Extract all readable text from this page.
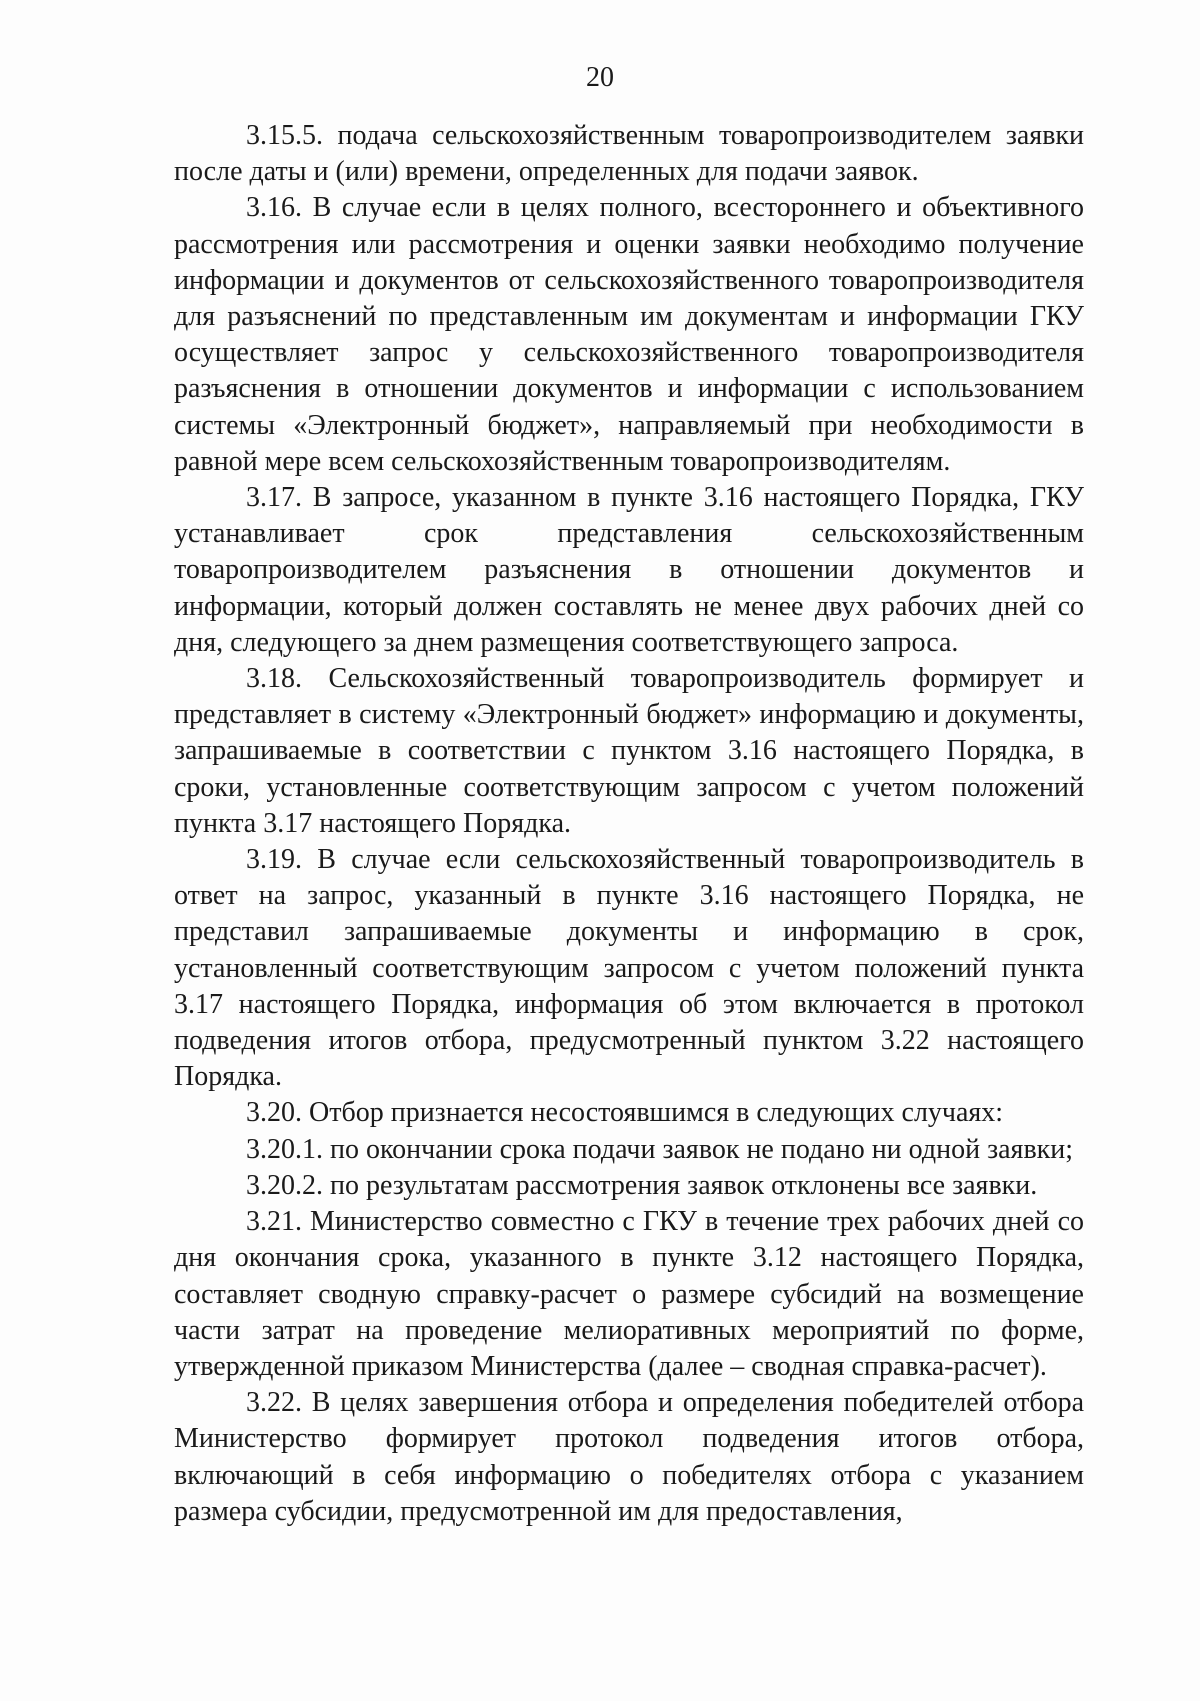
20

3.15.5. подача сельскохозяйственным товаропроизводителем заявки после даты и (или) времени, определенных для подачи заявок.

3.16. В случае если в целях полного, всестороннего и объективного рассмотрения или рассмотрения и оценки заявки необходимо получение информации и документов от сельскохозяйственного товаропроизводителя для разъяснений по представленным им документам и информации ГКУ осуществляет запрос у сельскохозяйственного товаропроизводителя разъяснения в отношении документов и информации с использованием системы «Электронный бюджет», направляемый при необходимости в равной мере всем сельскохозяйственным товаропроизводителям.

3.17. В запросе, указанном в пункте 3.16 настоящего Порядка, ГКУ устанавливает срок представления сельскохозяйственным товаропроизводителем разъяснения в отношении документов и информации, который должен составлять не менее двух рабочих дней со дня, следующего за днем размещения соответствующего запроса.

3.18. Сельскохозяйственный товаропроизводитель формирует и представляет в систему «Электронный бюджет» информацию и документы, запрашиваемые в соответствии с пунктом 3.16 настоящего Порядка, в сроки, установленные соответствующим запросом с учетом положений пункта 3.17 настоящего Порядка.

3.19. В случае если сельскохозяйственный товаропроизводитель в ответ на запрос, указанный в пункте 3.16 настоящего Порядка, не представил запрашиваемые документы и информацию в срок, установленный соответствующим запросом с учетом положений пункта 3.17 настоящего Порядка, информация об этом включается в протокол подведения итогов отбора, предусмотренный пунктом 3.22 настоящего Порядка.

3.20. Отбор признается несостоявшимся в следующих случаях:

3.20.1. по окончании срока подачи заявок не подано ни одной заявки;

3.20.2. по результатам рассмотрения заявок отклонены все заявки.

3.21. Министерство совместно с ГКУ в течение трех рабочих дней со дня окончания срока, указанного в пункте 3.12 настоящего Порядка, составляет сводную справку-расчет о размере субсидий на возмещение части затрат на проведение мелиоративных мероприятий по форме, утвержденной приказом Министерства (далее – сводная справка-расчет).

3.22. В целях завершения отбора и определения победителей отбора Министерство формирует протокол подведения итогов отбора, включающий в себя информацию о победителях отбора с указанием размера субсидии, предусмотренной им для предоставления,
